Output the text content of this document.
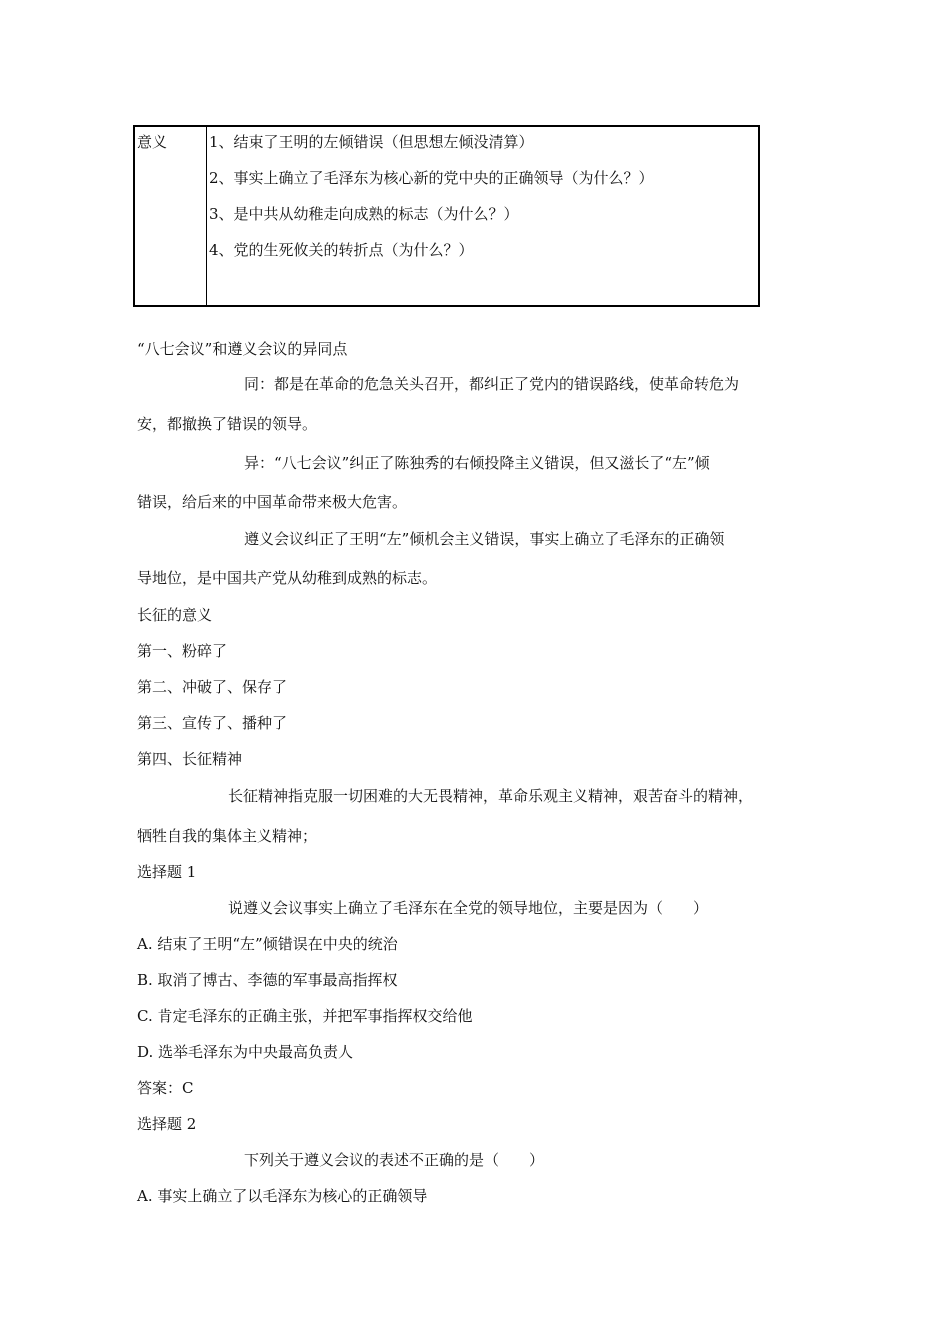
意义	1、结束了王明的左倾错误（但思想左倾没清算）
2、事实上确立了毛泽东为核心新的党中央的正确领导（为什么？）
3、是中共从幼稚走向成熟的标志（为什么？）
4、党的生死攸关的转折点（为什么？）
“八七会议”和遵义会议的异同点
同：都是在革命的危急关头召开，都纠正了党内的错误路线，使革命转危为
安，都撤换了错误的领导。
异：“八七会议”纠正了陈独秀的右倾投降主义错误，但又滋长了“左”倾
错误，给后来的中国革命带来极大危害。
遵义会议纠正了王明“左”倾机会主义错误，事实上确立了毛泽东的正确领
导地位，是中国共产党从幼稚到成熟的标志。
长征的意义
第一、粉碎了
第二、冲破了、保存了
第三、宣传了、播种了
第四、长征精神
长征精神指克服一切困难的大无畏精神，革命乐观主义精神，艰苦奋斗的精神，
牺牲自我的集体主义精神；
选择题 1
说遵义会议事实上确立了毛泽东在全党的领导地位，主要是因为（　　）
A. 结束了王明“左”倾错误在中央的统治
B. 取消了博古、李德的军事最高指挥权
C. 肯定毛泽东的正确主张，并把军事指挥权交给他
D. 选举毛泽东为中央最高负责人
答案：C
选择题 2
下列关于遵义会议的表述不正确的是（　　）
A. 事实上确立了以毛泽东为核心的正确领导
